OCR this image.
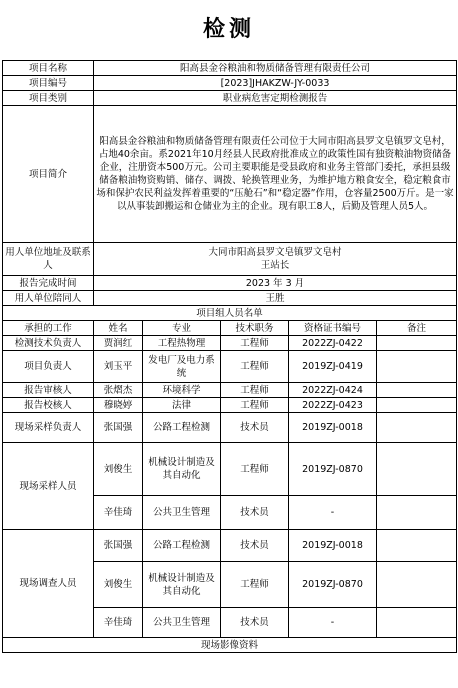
检测
项目名称	阳高县金谷粮油和物质储备管理有限责任公司				
项目编号	[2023]JHAKZW-JY-0033				
项目类别	职业病危害定期检测报告				
项目简介	阳高县金谷粮油和物质储备管理有限责任公司位于大同市阳高县罗文皂镇罗文皂村，占地40余亩。系2021年10月经县人民政府批准成立的政策性国有独资粮油物资储备企业，注册资本500万元。公司主要职能是受县政府和业务主管部门委托，承担县级储备粮油物资购销、储存、调拨、轮换管理业务，为维护地方粮食安全，稳定粮食市场和保护农民利益发挥着重要的“压舱石”和“稳定器”作用，仓容量2500万斤。是一家以从事装卸搬运和仓储业为主的企业。现有职工8人，后勤及管理人员5人。				
用人单位地址及联系人	大同市阳高县罗文皂镇罗文皂村
王站长				

报告完成时间	2023 年 3 月				
用人单位陪同人	王胜				
项目组人员名单					
承担的工作	姓名	专业	技术职务	资格证书编号	备注
检测技术负责人	贾润红	工程热物理	工程师	2022ZJ-0422	
项目负责人	刘玉平	发电厂及电力系统	工程师	2019ZJ-0419	
报告审核人	张熠杰	环境科学	工程师	2022ZJ-0424	
报告校核人	穆晓婷	法律	工程师	2022ZJ-0423	
现场采样负责人	张国强	公路工程检测	技术员	2019ZJ-0018	
现场采样人员	刘俊生	机械设计制造及其自动化	工程师	2019ZJ-0870	
	辛佳琦	公共卫生管理	技术员	-	
现场调查人员	张国强	公路工程检测	技术员	2019ZJ-0018	
	刘俊生	机械设计制造及其自动化	工程师	2019ZJ-0870	
	辛佳琦	公共卫生管理	技术员	-	
现场影像资料					
